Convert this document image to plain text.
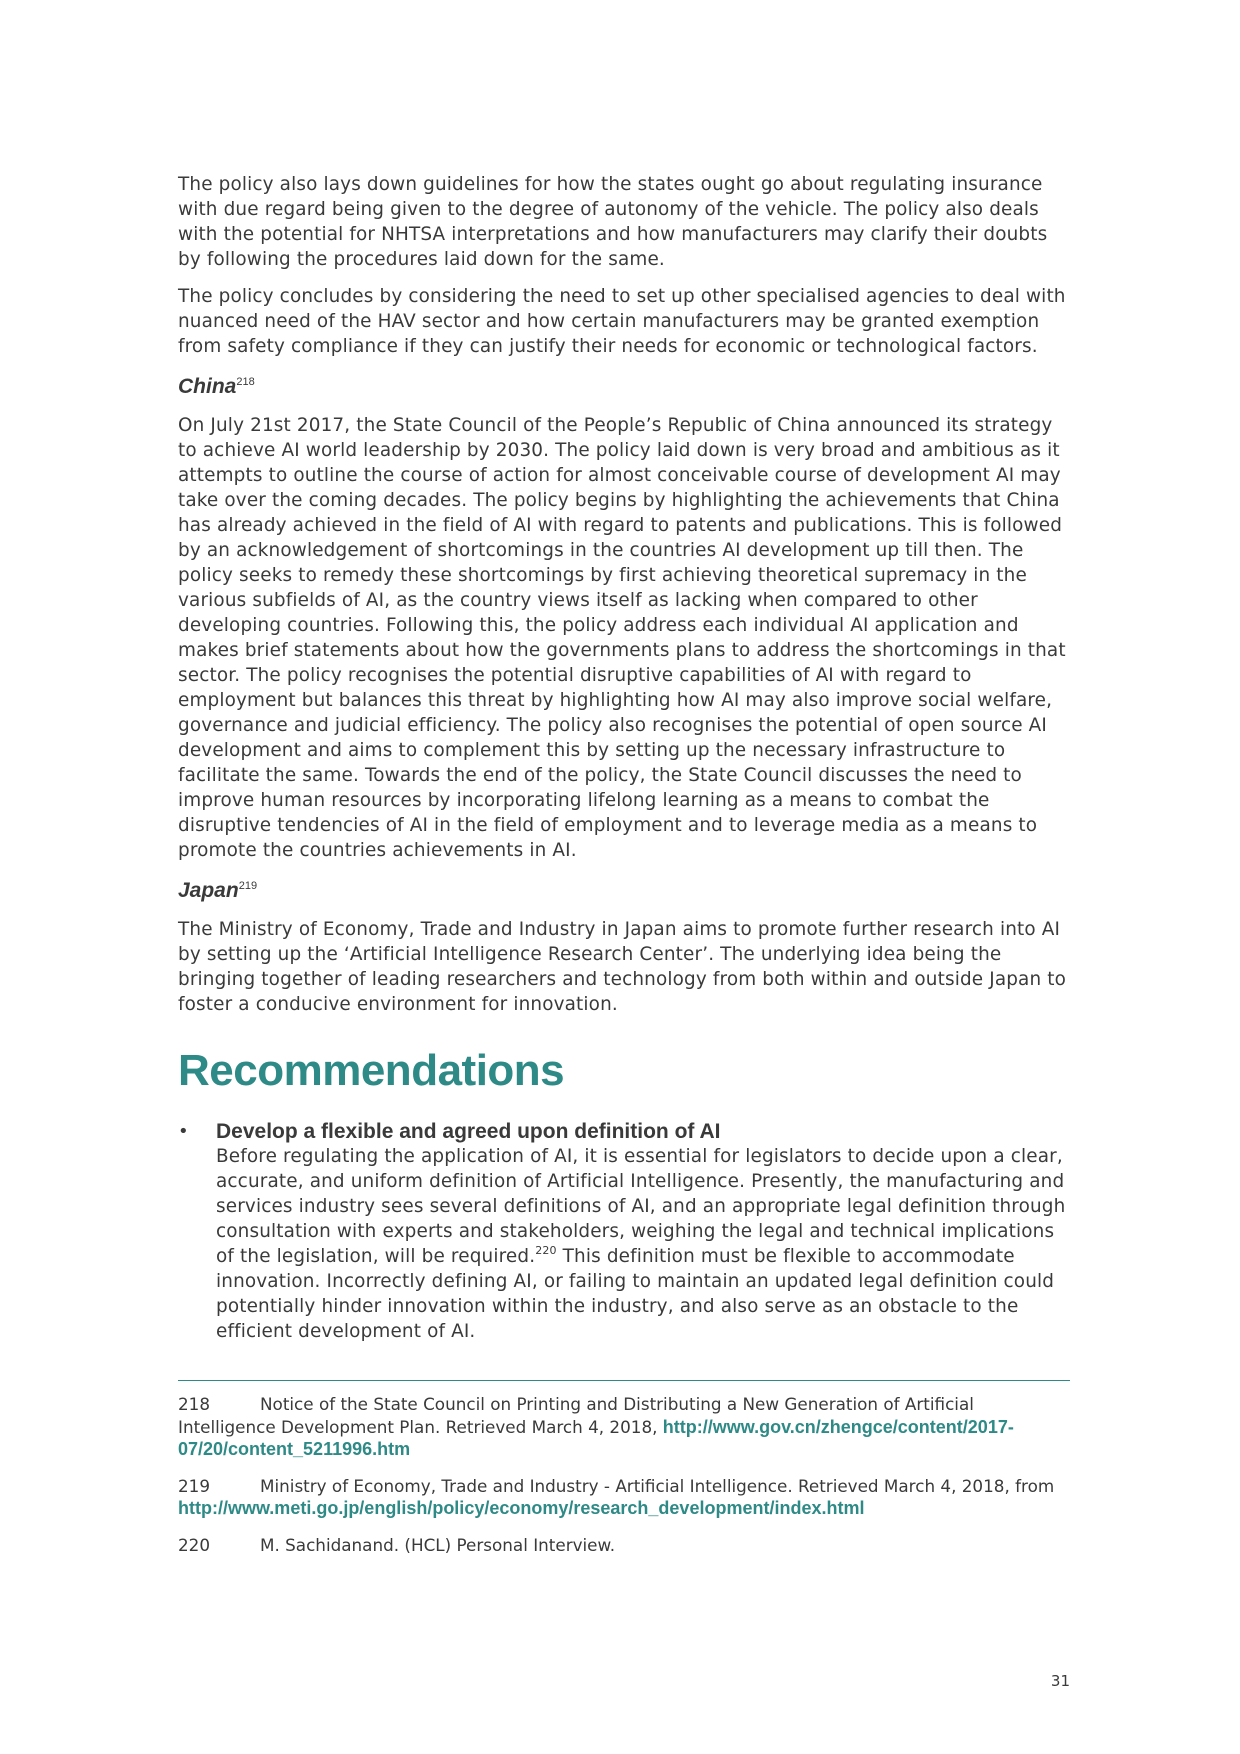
The policy also lays down guidelines for how the states ought go about regulating insurance with due regard being given to the degree of autonomy of the vehicle. The policy also deals with the potential for NHTSA interpretations and how manufacturers may clarify their doubts by following the procedures laid down for the same.

The policy concludes by considering the need to set up other specialised agencies to deal with nuanced need of the HAV sector and how certain manufacturers may be granted exemption from safety compliance if they can justify their needs for economic or technological factors.

China$^{218}$

On July 21st 2017, the State Council of the People’s Republic of China announced its strategy to achieve AI world leadership by 2030. The policy laid down is very broad and ambitious as it attempts to outline the course of action for almost conceivable course of development AI may take over the coming decades. The policy begins by highlighting the achievements that China has already achieved in the field of AI with regard to patents and publications. This is followed by an acknowledgement of shortcomings in the countries AI development up till then. The policy seeks to remedy these shortcomings by first achieving theoretical supremacy in the various subfields of AI, as the country views itself as lacking when compared to other developing countries. Following this, the policy address each individual AI application and makes brief statements about how the governments plans to address the shortcomings in that sector. The policy recognises the potential disruptive capabilities of AI with regard to employment but balances this threat by highlighting how AI may also improve social welfare, governance and judicial efficiency. The policy also recognises the potential of open source AI development and aims to complement this by setting up the necessary infrastructure to facilitate the same. Towards the end of the policy, the State Council discusses the need to improve human resources by incorporating lifelong learning as a means to combat the disruptive tendencies of AI in the field of employment and to leverage media as a means to promote the countries achievements in AI.

Japan$^{219}$

The Ministry of Economy, Trade and Industry in Japan aims to promote further research into AI by setting up the ‘Artificial Intelligence Research Center’. The underlying idea being the bringing together of leading researchers and technology from both within and outside Japan to foster a conducive environment for innovation.

Recommendations
• Develop a flexible and agreed upon definition of AI

Before regulating the application of AI, it is essential for legislators to decide upon a clear, accurate, and uniform definition of Artificial Intelligence. Presently, the manufacturing and services industry sees several definitions of AI, and an appropriate legal definition through consultation with experts and stakeholders, weighing the legal and technical implications of the legislation, will be required.$^{220}$ This definition must be flexible to accommodate innovation. Incorrectly defining AI, or failing to maintain an updated legal definition could potentially hinder innovation within the industry, and also serve as an obstacle to the efficient development of AI.

218	Notice of the State Council on Printing and Distributing a New Generation of Artificial Intelligence Development Plan. Retrieved March 4, 2018, http://www.gov.cn/zhengce/content/2017-07/20/content_5211996.htm
219	Ministry of Economy, Trade and Industry - Artificial Intelligence. Retrieved March 4, 2018, from http://www.meti.go.jp/english/policy/economy/research_development/index.html
220	M. Sachidanand. (HCL) Personal Interview.
31
